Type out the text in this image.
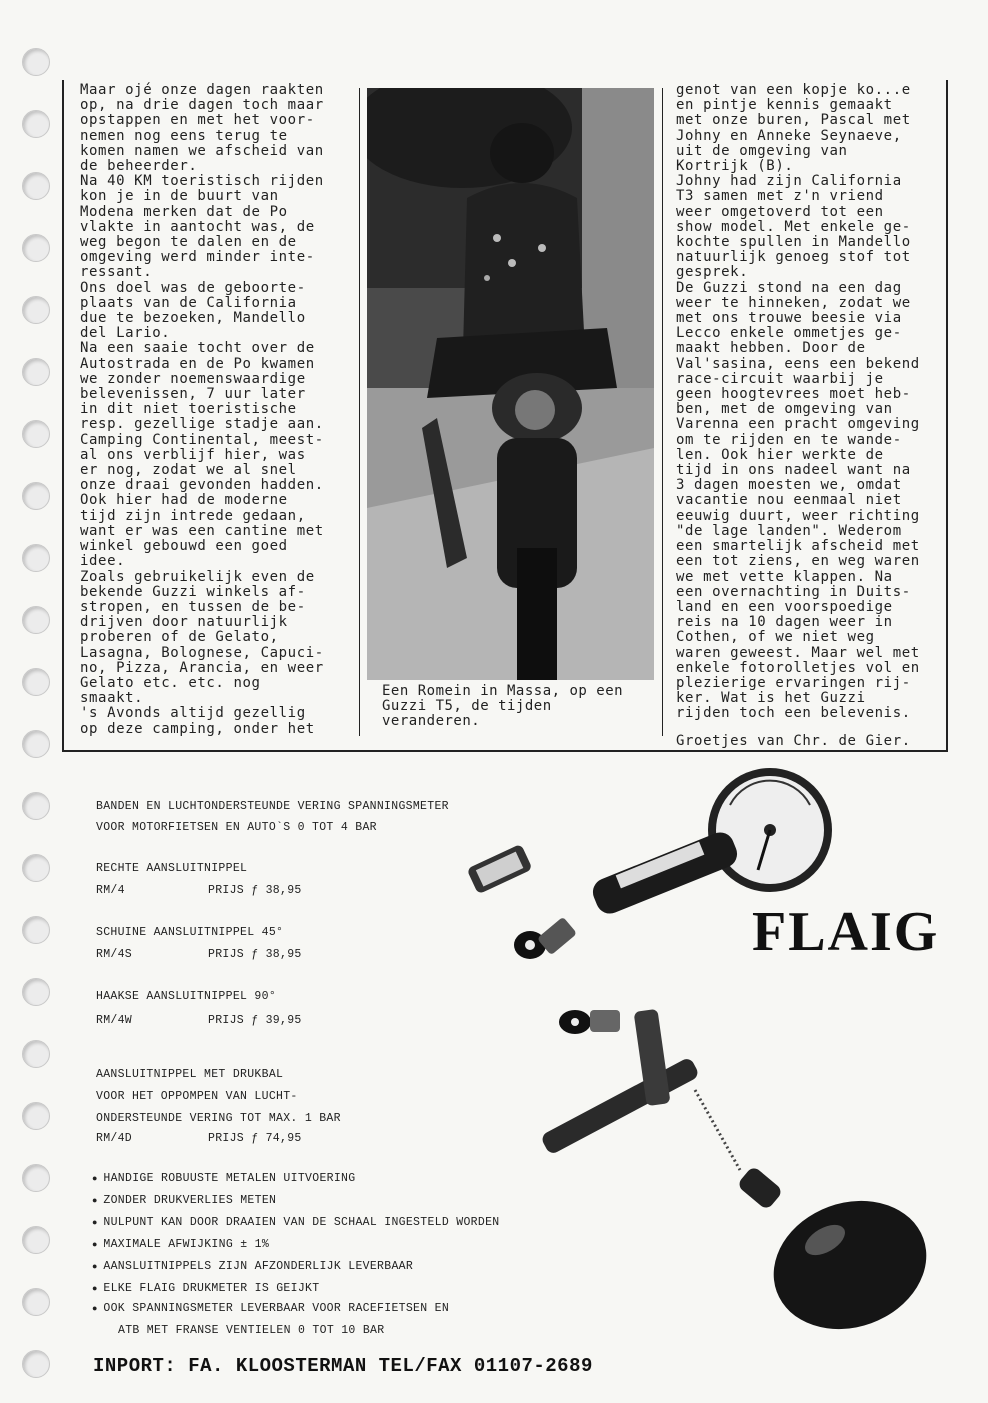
Maar ojé onze dagen raakten
op, na drie dagen toch maar
opstappen en met het voor-
nemen nog eens terug te
komen namen we afscheid van
de beheerder.
Na 40 KM toeristisch rijden
kon je in de buurt van
Modena merken dat de Po
vlakte in aantocht was, de
weg begon te dalen en de
omgeving werd minder inte-
ressant.
Ons doel was de geboorte-
plaats van de California
due te bezoeken, Mandello
del Lario.
Na een saaie tocht over de
Autostrada en de Po kwamen
we zonder noemenswaardige
belevenissen, 7 uur later
in dit niet toeristische
resp. gezellige stadje aan.
Camping Continental, meest-
al ons verblijf hier, was
er nog, zodat we al snel
onze draai gevonden hadden.
Ook hier had de moderne
tijd zijn intrede gedaan,
want er was een cantine met
winkel gebouwd een goed
idee.
Zoals gebruikelijk even de
bekende Guzzi winkels af-
stropen, en tussen de be-
drijven door natuurlijk
proberen of de Gelato,
Lasagna, Bolognese, Capuci-
no, Pizza, Arancia, en weer
Gelato etc. etc. nog
smaakt.
's Avonds altijd gezellig
op deze camping, onder het
Een Romein in Massa, op een
Guzzi T5, de tijden
veranderen.
genot van een kopje ko...e
en pintje kennis gemaakt
met onze buren, Pascal met
Johny en Anneke Seynaeve,
uit de omgeving van
Kortrijk (B).
Johny had zijn California
T3 samen met z'n vriend
weer omgetoverd tot een
show model. Met enkele ge-
kochte spullen in Mandello
natuurlijk genoeg stof tot
gesprek.
De Guzzi stond na een dag
weer te hinneken, zodat we
met ons trouwe beesie via
Lecco enkele ommetjes ge-
maakt hebben. Door de
Val'sasina, eens een bekend
race-circuit waarbij je
geen hoogtevrees moet heb-
ben, met de omgeving van
Varenna een pracht omgeving
om te rijden en te wande-
len. Ook hier werkte de
tijd in ons nadeel want na
3 dagen moesten we, omdat
vacantie nou eenmaal niet
eeuwig duurt, weer richting
"de lage landen". Wederom
een smartelijk afscheid met
een tot ziens, en weg waren
we met vette klappen. Na
een overnachting in Duits-
land en een voorspoedige
reis na 10 dagen weer in
Cothen, of we niet weg
waren geweest. Maar wel met
enkele fotorolletjes vol en
plezierige ervaringen rij-
ker. Wat is het Guzzi
rijden toch een belevenis.
Groetjes van Chr. de Gier.
BANDEN EN LUCHTONDERSTEUNDE VERING SPANNINGSMETER
VOOR MOTORFIETSEN EN AUTO`S 0 TOT 4 BAR
RECHTE AANSLUITNIPPEL
RM/4	PRIJS ƒ 38,95
SCHUINE AANSLUITNIPPEL 45°
RM/4S	PRIJS ƒ 38,95
HAAKSE AANSLUITNIPPEL 90°
RM/4W	PRIJS ƒ 39,95
AANSLUITNIPPEL MET DRUKBAL
VOOR HET OPPOMPEN VAN LUCHT-
ONDERSTEUNDE VERING TOT MAX. 1 BAR
RM/4D	PRIJS ƒ 74,95
● HANDIGE ROBUUSTE METALEN UITVOERING
● ZONDER DRUKVERLIES METEN
● NULPUNT KAN DOOR DRAAIEN VAN DE SCHAAL INGESTELD WORDEN
● MAXIMALE AFWIJKING ± 1%
● AANSLUITNIPPELS ZIJN AFZONDERLIJK LEVERBAAR
● ELKE FLAIG DRUKMETER IS GEIJKT
● OOK SPANNINGSMETER LEVERBAAR VOOR RACEFIETSEN EN
ATB MET FRANSE VENTIELEN 0 TOT 10 BAR
INPORT: FA. KLOOSTERMAN TEL/FAX 01107-2689
FLAIG
